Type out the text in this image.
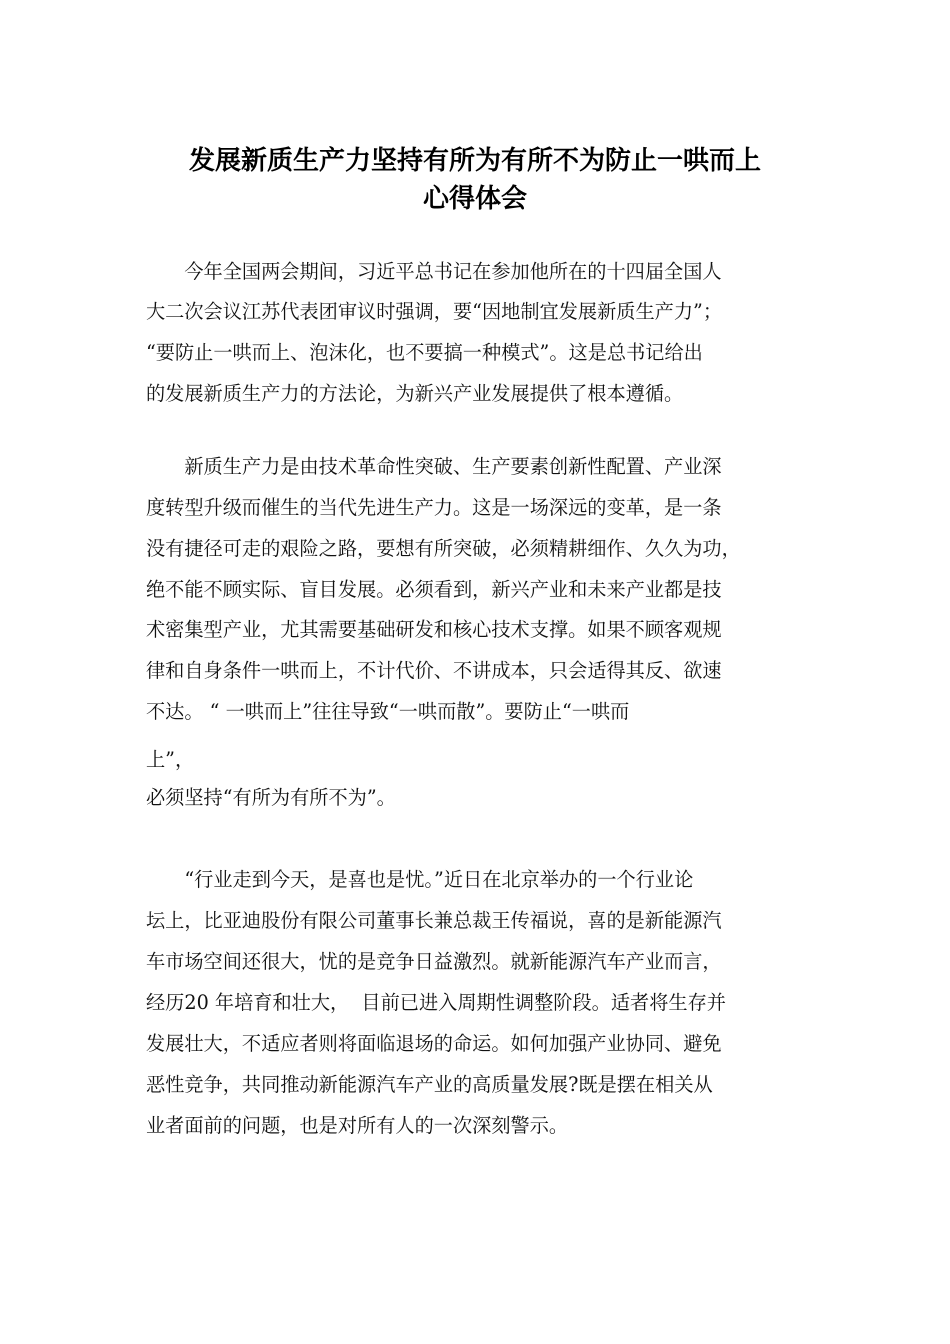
发展新质生产力坚持有所为有所不为防止一哄而上
心得体会
　　今年全国两会期间，习近平总书记在参加他所在的十四届全国人
大二次会议江苏代表团审议时强调，要“因地制宜发展新质生产力”；
“要防止一哄而上、泡沫化，也不要搞一种模式”。这是总书记给出
的发展新质生产力的方法论，为新兴产业发展提供了根本遵循。
　　新质生产力是由技术革命性突破、生产要素创新性配置、产业深
度转型升级而催生的当代先进生产力。这是一场深远的变革，是一条
没有捷径可走的艰险之路，要想有所突破，必须精耕细作、久久为功，
绝不能不顾实际、盲目发展。必须看到，新兴产业和未来产业都是技
术密集型产业，尤其需要基础研发和核心技术支撑。如果不顾客观规
律和自身条件一哄而上，不计代价、不讲成本，只会适得其反、欲速
不达。 “ 一哄而上”往往导致“一哄而散”。要防止“一哄而
上”，
必须坚持“有所为有所不为”。
　　“行业走到今天，是喜也是忧。”近日在北京举办的一个行业论
坛上，比亚迪股份有限公司董事长兼总裁王传福说，喜的是新能源汽
车市场空间还很大，忧的是竞争日益激烈。就新能源汽车产业而言，
经历20 年培育和壮大，  目前已进入周期性调整阶段。适者将生存并
发展壮大，不适应者则将面临退场的命运。如何加强产业协同、避免
恶性竞争，共同推动新能源汽车产业的高质量发展?既是摆在相关从
业者面前的问题，也是对所有人的一次深刻警示。
